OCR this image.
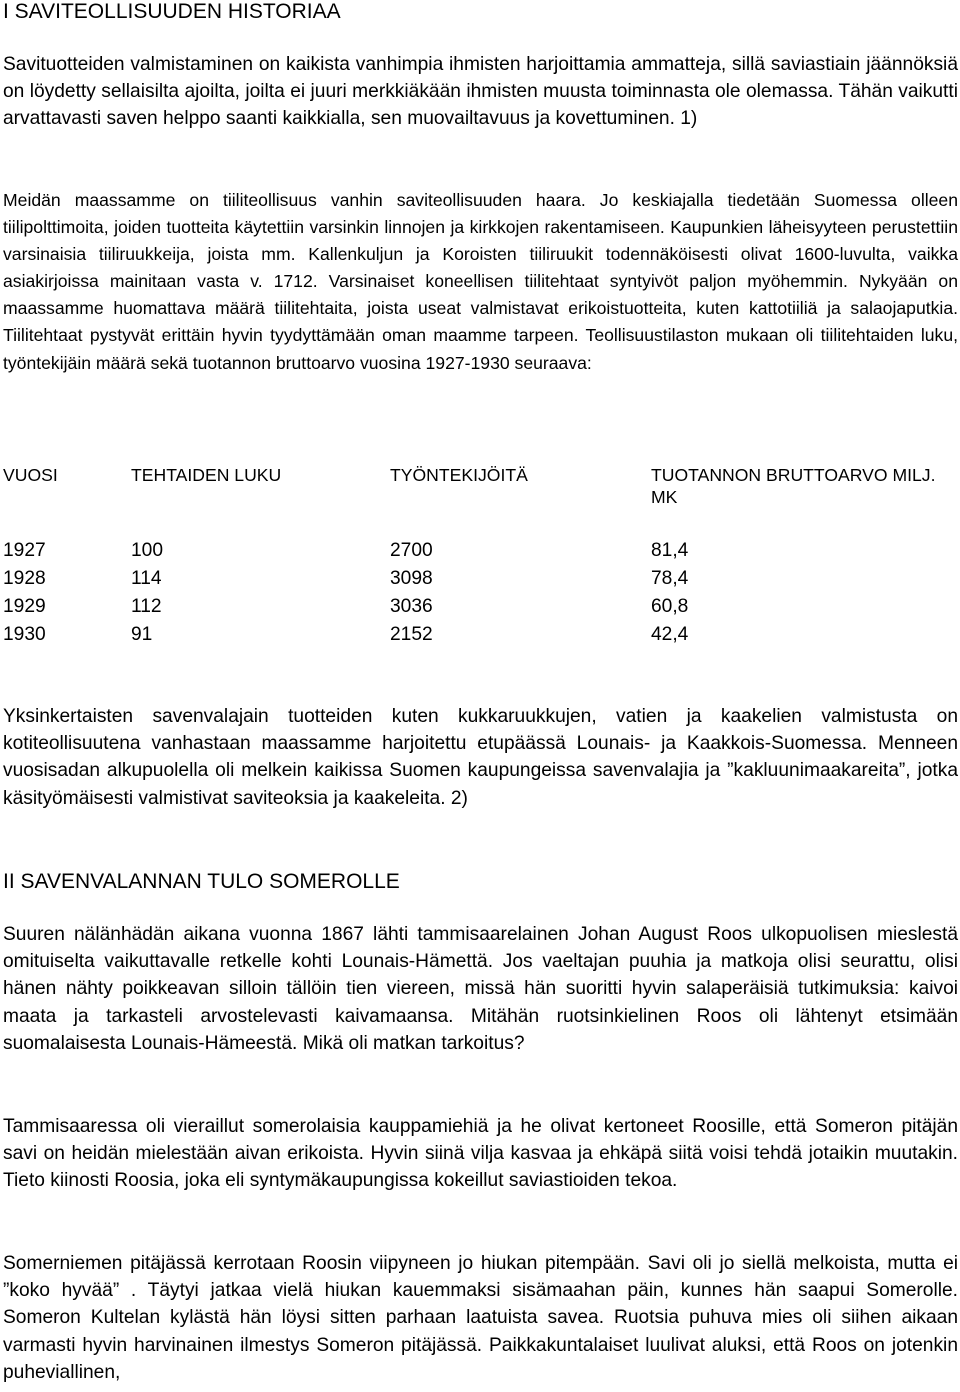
I SAVITEOLLISUUDEN HISTORIAA

Savituotteiden valmistaminen on kaikista vanhimpia ihmisten harjoittamia ammatteja, sillä saviastiain jäännöksiä on löydetty sellaisilta ajoilta, joilta ei juuri merkkiäkään ihmisten muusta toiminnasta ole olemassa. Tähän vaikutti arvattavasti saven helppo saanti kaikkialla, sen muovailtavuus ja kovettuminen. 1)

Meidän maassamme on tiiliteollisuus vanhin saviteollisuuden haara. Jo keskiajalla tiedetään Suomessa olleen tiilipolttimoita, joiden tuotteita käytettiin varsinkin linnojen ja kirkkojen rakentamiseen. Kaupunkien läheisyyteen perustettiin varsinaisia tiiliruukkeija, joista mm. Kallenkuljun ja Koroisten tiiliruukit todennäköisesti olivat 1600-luvulta, vaikka asiakirjoissa mainitaan vasta v. 1712. Varsinaiset koneellisen tiilitehtaat syntyivöt paljon myöhemmin. Nykyään on maassamme huomattava määrä tiilitehtaita, joista useat valmistavat erikoistuotteita, kuten kattotiiliä ja salaojaputkia. Tiilitehtaat pystyvät erittäin hyvin tyydyttämään oman maamme tarpeen. Teollisuustilaston mukaan oli tiilitehtaiden luku, työntekijäin määrä sekä tuotannon bruttoarvo vuosina 1927-1930 seuraava:

VUOSI	TEHTAIDEN LUKU	TYÖNTEKIJÖITÄ	TUOTANNON BRUTTOARVO MILJ. MK
1927	100	2700	81,4
1928	114	3098	78,4
1929	112	3036	60,8
1930	91	2152	42,4

Yksinkertaisten savenvalajain tuotteiden kuten kukkaruukkujen, vatien ja kaakelien valmistusta on kotiteollisuutena vanhastaan maassamme harjoitettu etupäässä Lounais- ja Kaakkois-Suomessa. Menneen vuosisadan alkupuolella oli melkein kaikissa Suomen kaupungeissa savenvalajia ja ”kakluunimaakareita”, jotka käsityömäisesti valmistivat saviteoksia ja kaakeleita. 2)

II SAVENVALANNAN TULO SOMEROLLE

Suuren nälänhädän aikana vuonna 1867 lähti tammisaarelainen Johan August Roos ulkopuolisen mieslestä omituiselta vaikuttavalle retkelle kohti Lounais-Hämettä. Jos vaeltajan puuhia ja matkoja olisi seurattu, olisi hänen nähty poikkeavan silloin tällöin tien viereen, missä hän suoritti hyvin salaperäisiä tutkimuksia: kaivoi maata ja tarkasteli arvostelevasti kaivamaansa. Mitähän ruotsinkielinen Roos oli lähtenyt etsimään suomalaisesta Lounais-Hämeestä. Mikä oli matkan tarkoitus?

Tammisaaressa oli vieraillut somerolaisia kauppamiehiä ja he olivat kertoneet Roosille, että Someron pitäjän savi on heidän mielestään aivan erikoista. Hyvin siinä vilja kasvaa ja ehkäpä siitä voisi tehdä jotaikin muutakin. Tieto kiinosti Roosia, joka eli syntymäkaupungissa kokeillut saviastioiden tekoa.

Somerniemen pitäjässä kerrotaan Roosin viipyneen jo hiukan pitempään. Savi oli jo siellä melkoista, mutta ei ”koko hyvää” . Täytyi jatkaa vielä hiukan kauemmaksi sisämaahan päin, kunnes hän saapui Somerolle. Someron Kultelan kylästä hän löysi sitten parhaan laatuista savea. Ruotsia puhuva mies oli siihen aikaan varmasti hyvin harvinainen ilmestys Someron pitäjässä. Paikkakuntalaiset luulivat aluksi, että Roos on jotenkin puheviallinen,
